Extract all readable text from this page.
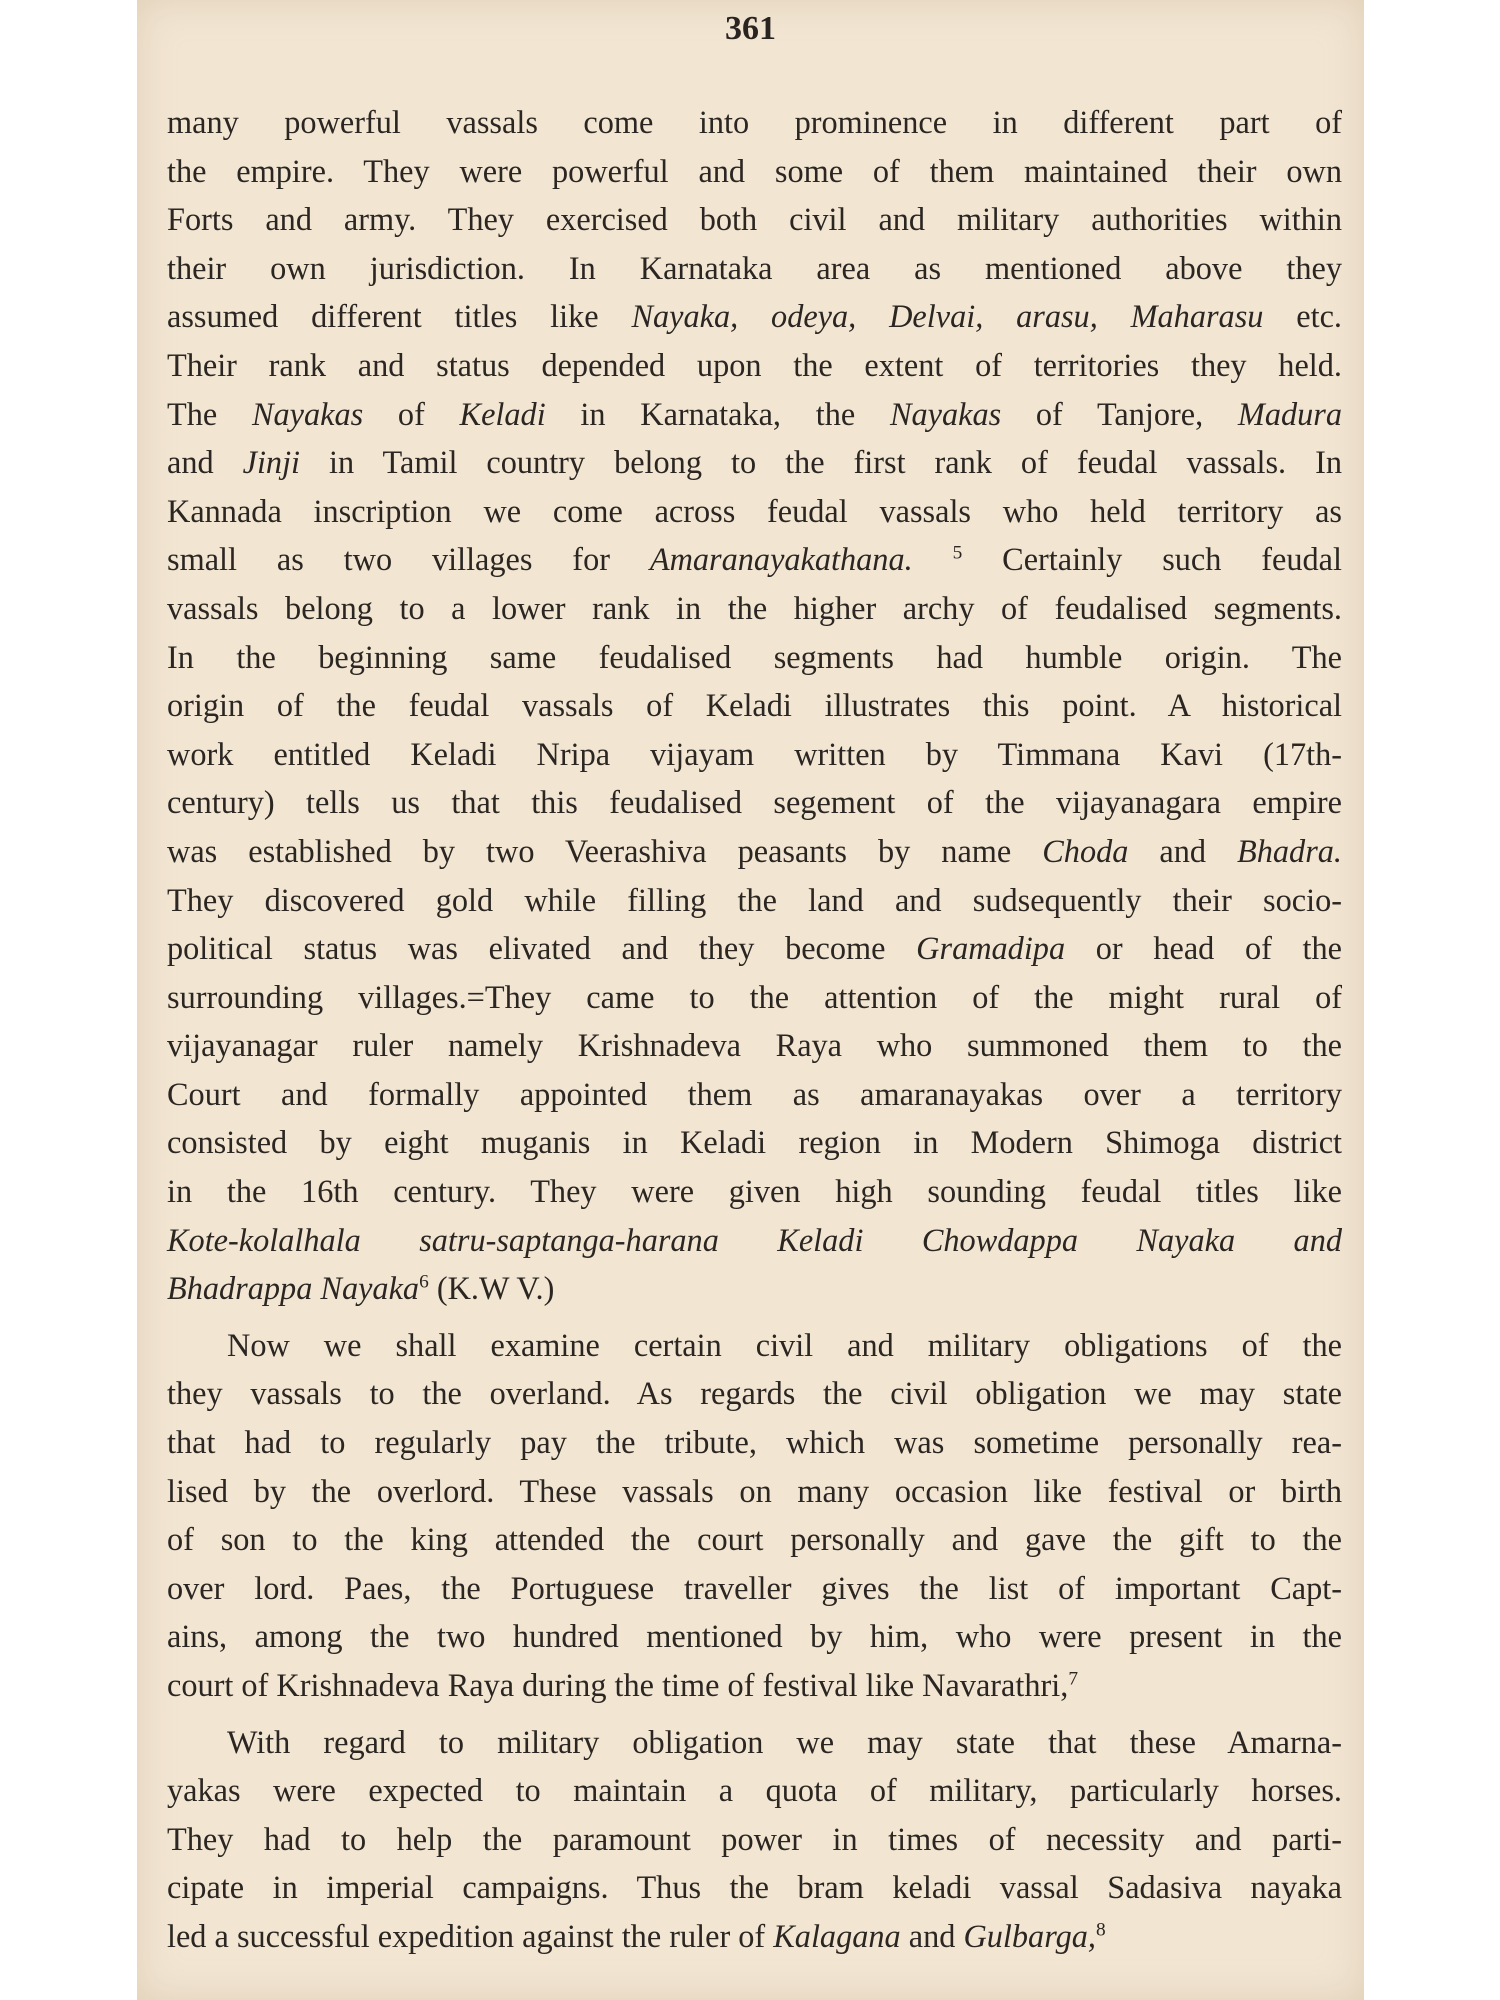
361
many powerful vassals come into prominence in different part of
the empire. They were powerful and some of them maintained their own
Forts and army. They exercised both civil and military authorities within
their own jurisdiction. In Karnataka area as mentioned above they
assumed different titles like Nayaka, odeya, Delvai, arasu, Maharasu etc.
Their rank and status depended upon the extent of territories they held.
The Nayakas of Keladi in Karnataka, the Nayakas of Tanjore, Madura
and Jinji in Tamil country belong to the first rank of feudal vassals. In
Kannada inscription we come across feudal vassals who held territory as
small as two villages for Amaranayakathana. $^5$ Certainly such feudal
vassals belong to a lower rank in the higher archy of feudalised segments.
In the beginning same feudalised segments had humble origin. The
origin of the feudal vassals of Keladi illustrates this point. A historical
work entitled Keladi Nripa vijayam written by Timmana Kavi (17th-
century) tells us that this feudalised segement of the vijayanagara empire
was established by two Veerashiva peasants by name Choda and Bhadra.
They discovered gold while filling the land and sudsequently their socio-
political status was elivated and they become Gramadipa or head of the
surrounding villages.=They came to the attention of the might rural of
vijayanagar ruler namely Krishnadeva Raya who summoned them to the
Court and formally appointed them as amaranayakas over a territory
consisted by eight muganis in Keladi region in Modern Shimoga district
in the 16th century. They were given high sounding feudal titles like
Kote-kolalhala satru-saptanga-harana Keladi Chowdappa Nayaka and
Bhadrappa Nayaka$^6$ (K.W V.)
Now we shall examine certain civil and military obligations of the
they vassals to the overland. As regards the civil obligation we may state
that had to regularly pay the tribute, which was sometime personally rea-
lised by the overlord. These vassals on many occasion like festival or birth
of son to the king attended the court personally and gave the gift to the
over lord. Paes, the Portuguese traveller gives the list of important Capt-
ains, among the two hundred mentioned by him, who were present in the
court of Krishnadeva Raya during the time of festival like Navarathri,$^7$
With regard to military obligation we may state that these Amarna-
yakas were expected to maintain a quota of military, particularly horses.
They had to help the paramount power in times of necessity and parti-
cipate in imperial campaigns. Thus the bram keladi vassal Sadasiva nayaka
led a successful expedition against the ruler of Kalagana and Gulbarga,$^8$
